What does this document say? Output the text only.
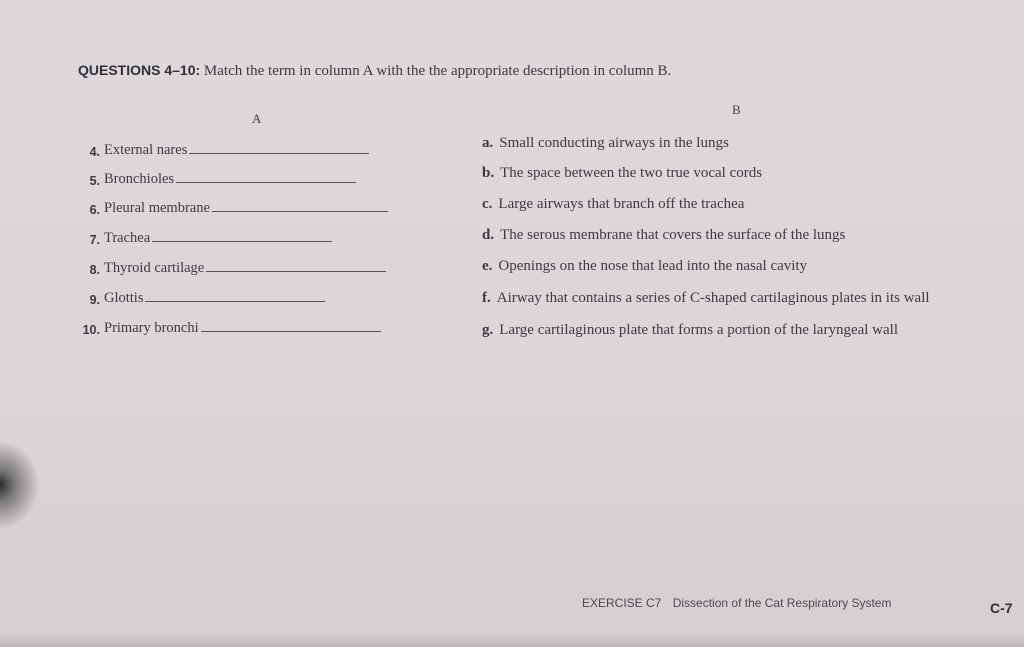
QUESTIONS 4–10: Match the term in column A with the the appropriate description in column B.
A
B
4. External nares
5. Bronchioles
6. Pleural membrane
7. Trachea
8. Thyroid cartilage
9. Glottis
10. Primary bronchi
a. Small conducting airways in the lungs
b. The space between the two true vocal cords
c. Large airways that branch off the trachea
d. The serous membrane that covers the surface of the lungs
e. Openings on the nose that lead into the nasal cavity
f. Airway that contains a series of C-shaped cartilaginous plates in its wall
g. Large cartilaginous plate that forms a portion of the laryngeal wall
EXERCISE C7 Dissection of the Cat Respiratory System	C-7
